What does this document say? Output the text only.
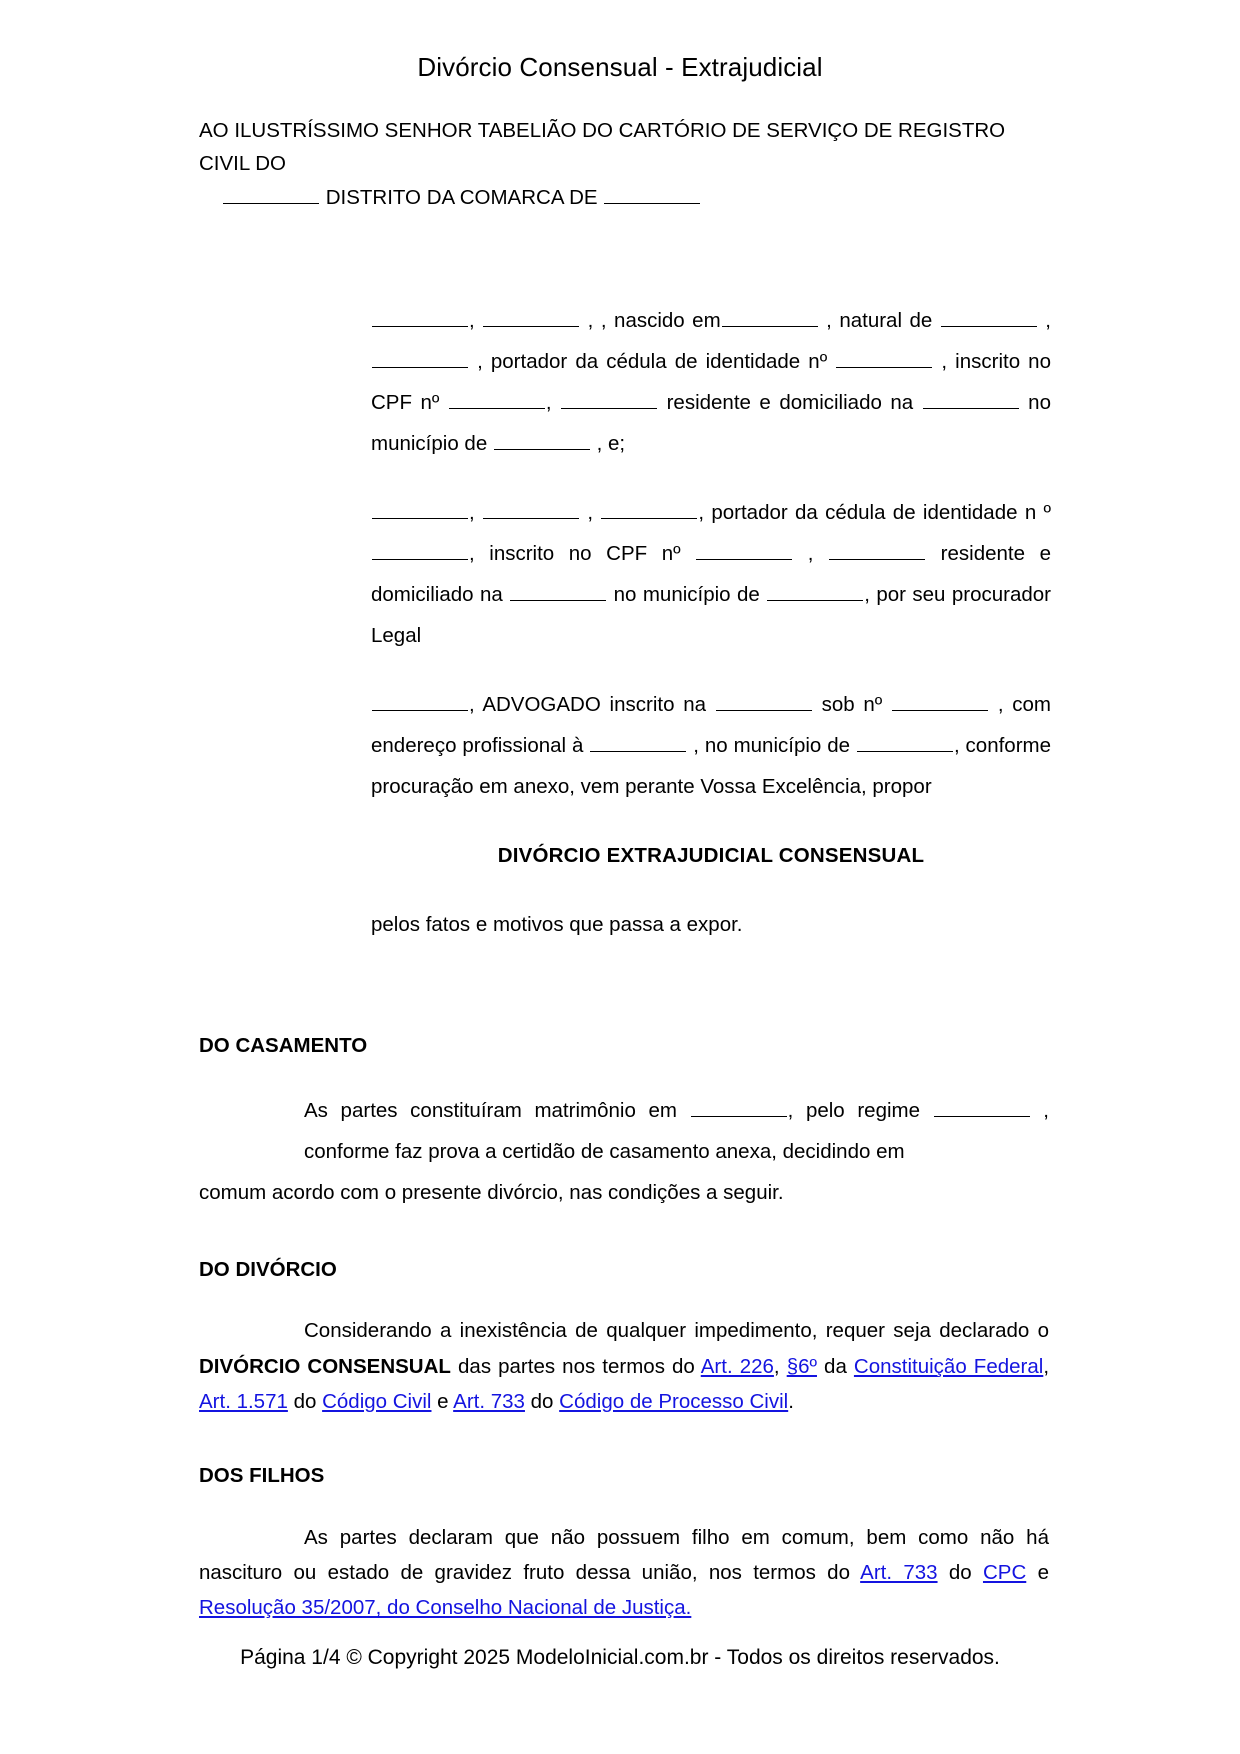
Divórcio Consensual - Extrajudicial
AO ILUSTRÍSSIMO SENHOR TABELIÃO DO CARTÓRIO DE SERVIÇO DE REGISTRO CIVIL DO
DISTRITO DA COMARCA DE

,	, , nascido em	, natural de	,  , portador da cédula de identidade nº	, inscrito no CPF nº	,	residente e domiciliado na	no município de	, e;

,	,	, portador da cédula de identidade n º , inscrito no CPF nº	,	residente e domiciliado na	no município de	, por seu procurador Legal

, ADVOGADO inscrito na	sob nº	, com endereço profissional à	, no município de	, conforme procuração em anexo, vem perante Vossa Excelência, propor

DIVÓRCIO EXTRAJUDICIAL CONSENSUAL

pelos fatos e motivos que passa a expor.

DO CASAMENTO

As partes constituíram matrimônio em	, pelo regime	, conforme faz prova a certidão de casamento anexa, decidindo em

comum acordo com o presente divórcio, nas condições a seguir.

DO DIVÓRCIO

Considerando a inexistência de qualquer impedimento, requer seja declarado o DIVÓRCIO CONSENSUAL das partes nos termos do Art. 226, §6º da Constituição Federal, Art. 1.571 do Código Civil e Art. 733 do Código de Processo Civil.

DOS FILHOS

As partes declaram que não possuem filho em comum, bem como não há nascituro ou estado de gravidez fruto dessa união, nos termos do Art. 733 do CPC e Resolução 35/2007, do Conselho Nacional de Justiça.

Página 1/4 © Copyright 2025 ModeloInicial.com.br - Todos os direitos reservados.
